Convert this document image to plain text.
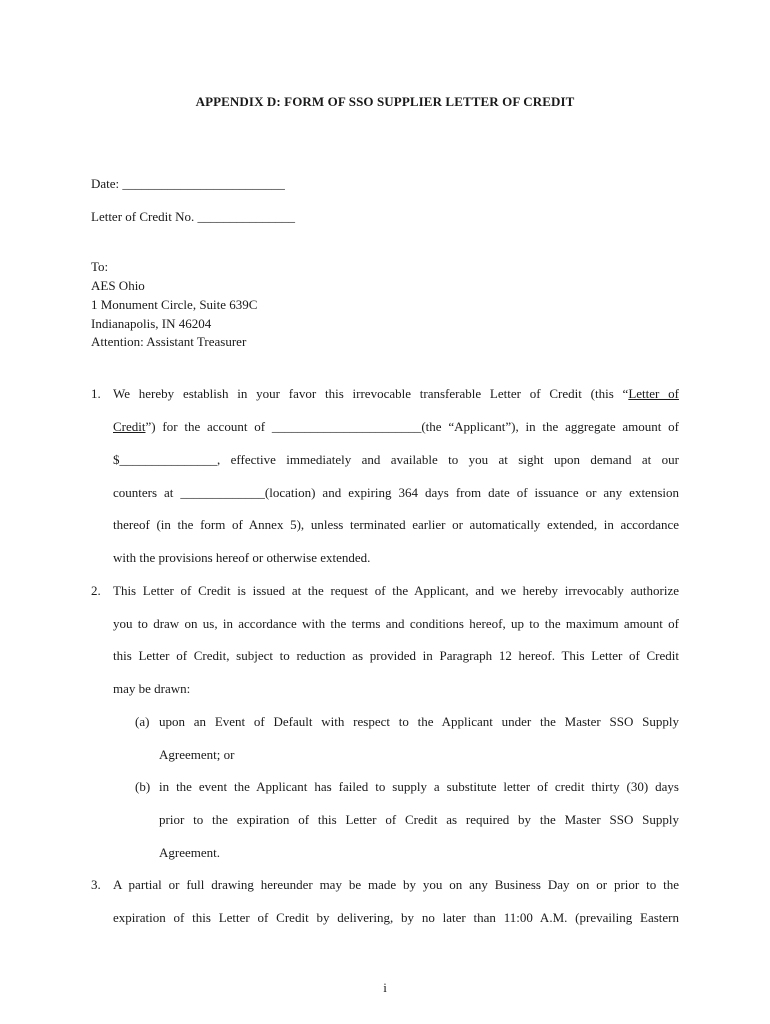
APPENDIX D: FORM OF SSO SUPPLIER LETTER OF CREDIT
Date: _________________________
Letter of Credit No. _______________
To:
AES Ohio
1 Monument Circle, Suite 639C
Indianapolis, IN 46204
Attention: Assistant Treasurer
1. We hereby establish in your favor this irrevocable transferable Letter of Credit (this “Letter of
Credit”) for the account of _______________________(the “Applicant”), in the aggregate amount of
$_______________, effective immediately and available to you at sight upon demand at our
counters at _____________(location) and expiring 364 days from date of issuance or any extension
thereof (in the form of Annex 5), unless terminated earlier or automatically extended, in accordance
with the provisions hereof or otherwise extended.
2. This Letter of Credit is issued at the request of the Applicant, and we hereby irrevocably authorize
you to draw on us, in accordance with the terms and conditions hereof, up to the maximum amount of
this Letter of Credit, subject to reduction as provided in Paragraph 12 hereof. This Letter of Credit
may be drawn:
(a) upon an Event of Default with respect to the Applicant under the Master SSO Supply
Agreement; or
(b) in the event the Applicant has failed to supply a substitute letter of credit thirty (30) days
prior to the expiration of this Letter of Credit as required by the Master SSO Supply
Agreement.
3. A partial or full drawing hereunder may be made by you on any Business Day on or prior to the
expiration of this Letter of Credit by delivering, by no later than 11:00 A.M. (prevailing Eastern
i
